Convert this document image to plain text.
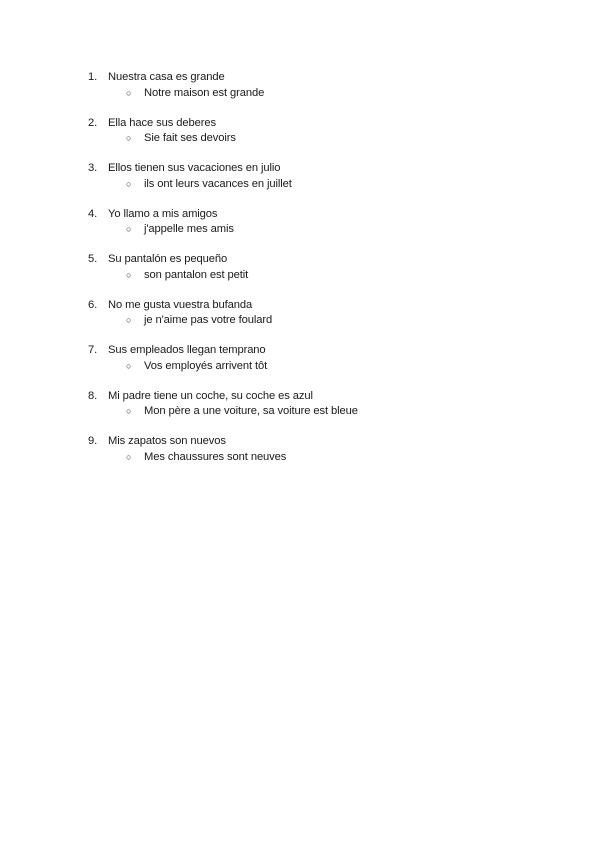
1. Nuestra casa es grande
○ Notre maison est grande
2. Ella hace sus deberes
○ Sie fait ses devoirs
3. Ellos tienen sus vacaciones en julio
○ ils ont leurs vacances en juillet
4. Yo llamo a mis amigos
○ j'appelle mes amis
5. Su pantalón es pequeño
○ son pantalon est petit
6. No me gusta vuestra bufanda
○ je n'aime pas votre foulard
7. Sus empleados llegan temprano
○ Vos employés arrivent tôt
8. Mi padre tiene un coche, su coche es azul
○ Mon père a une voiture, sa voiture est bleue
9. Mis zapatos son nuevos
○ Mes chaussures sont neuves
